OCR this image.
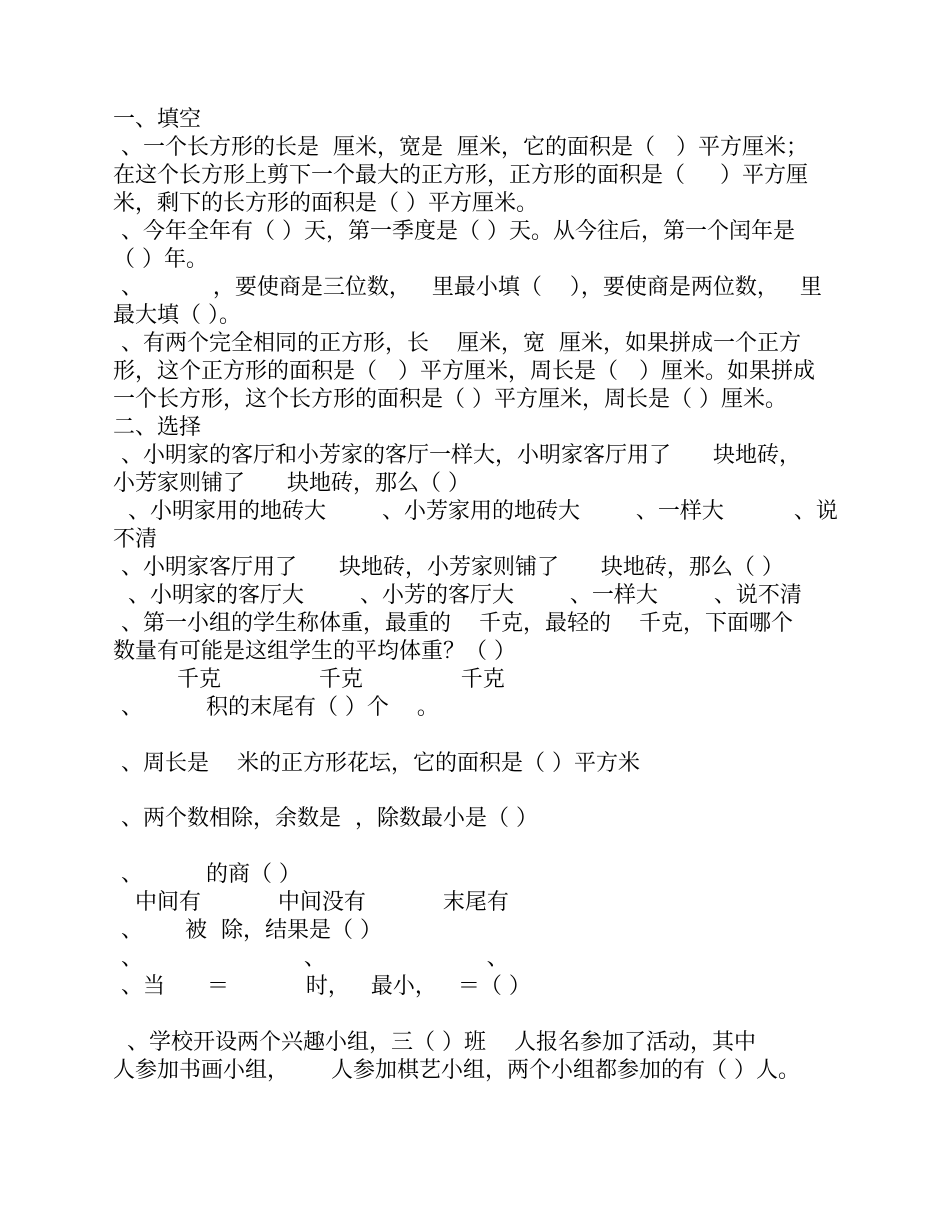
一、填空
、一个长方形的长是  厘米，宽是  厘米，它的面积是（   ）平方厘米；
在这个长方形上剪下一个最大的正方形，正方形的面积是（     ）平方厘
米，剩下的长方形的面积是（ ）平方厘米。
、今年全年有（ ）天，第一季度是（ ）天。从今往后，第一个闰年是
（ ）年。
、          ，要使商是三位数，   里最小填（    ），要使商是两位数，   里
最大填（ ）。
、有两个完全相同的正方形，长    厘米，宽  厘米，如果拼成一个正方
形，这个正方形的面积是（   ）平方厘米，周长是（   ）厘米。如果拼成
一个长方形，这个长方形的面积是（ ）平方厘米，周长是（ ）厘米。
二、选择
、小明家的客厅和小芳家的客厅一样大，小明家客厅用了      块地砖，
小芳家则铺了      块地砖，那么（ ）
、小明家用的地砖大        、小芳家用的地砖大        、一样大          、说
不清
、小明家客厅用了      块地砖，小芳家则铺了      块地砖，那么（ ）
、小明家的客厅大        、小芳的客厅大        、一样大        、说不清
、第一小组的学生称体重，最重的    千克，最轻的    千克，下面哪个
数量有可能是这组学生的平均体重？（ ）
千克              千克              千克
、         积的末尾有（ ）个    。
、周长是    米的正方形花坛，它的面积是（ ）平方米
、两个数相除，余数是  ，除数最小是（ ）
、         的商（ ）
中间有           中间没有           末尾有
、      被  除，结果是（ ）
、                       、                       、
、当      ＝           时，   最小，   ＝（ ）
、学校开设两个兴趣小组，三（ ）班    人报名参加了活动，其中
人参加书画小组，      人参加棋艺小组，两个小组都参加的有（ ）人。
